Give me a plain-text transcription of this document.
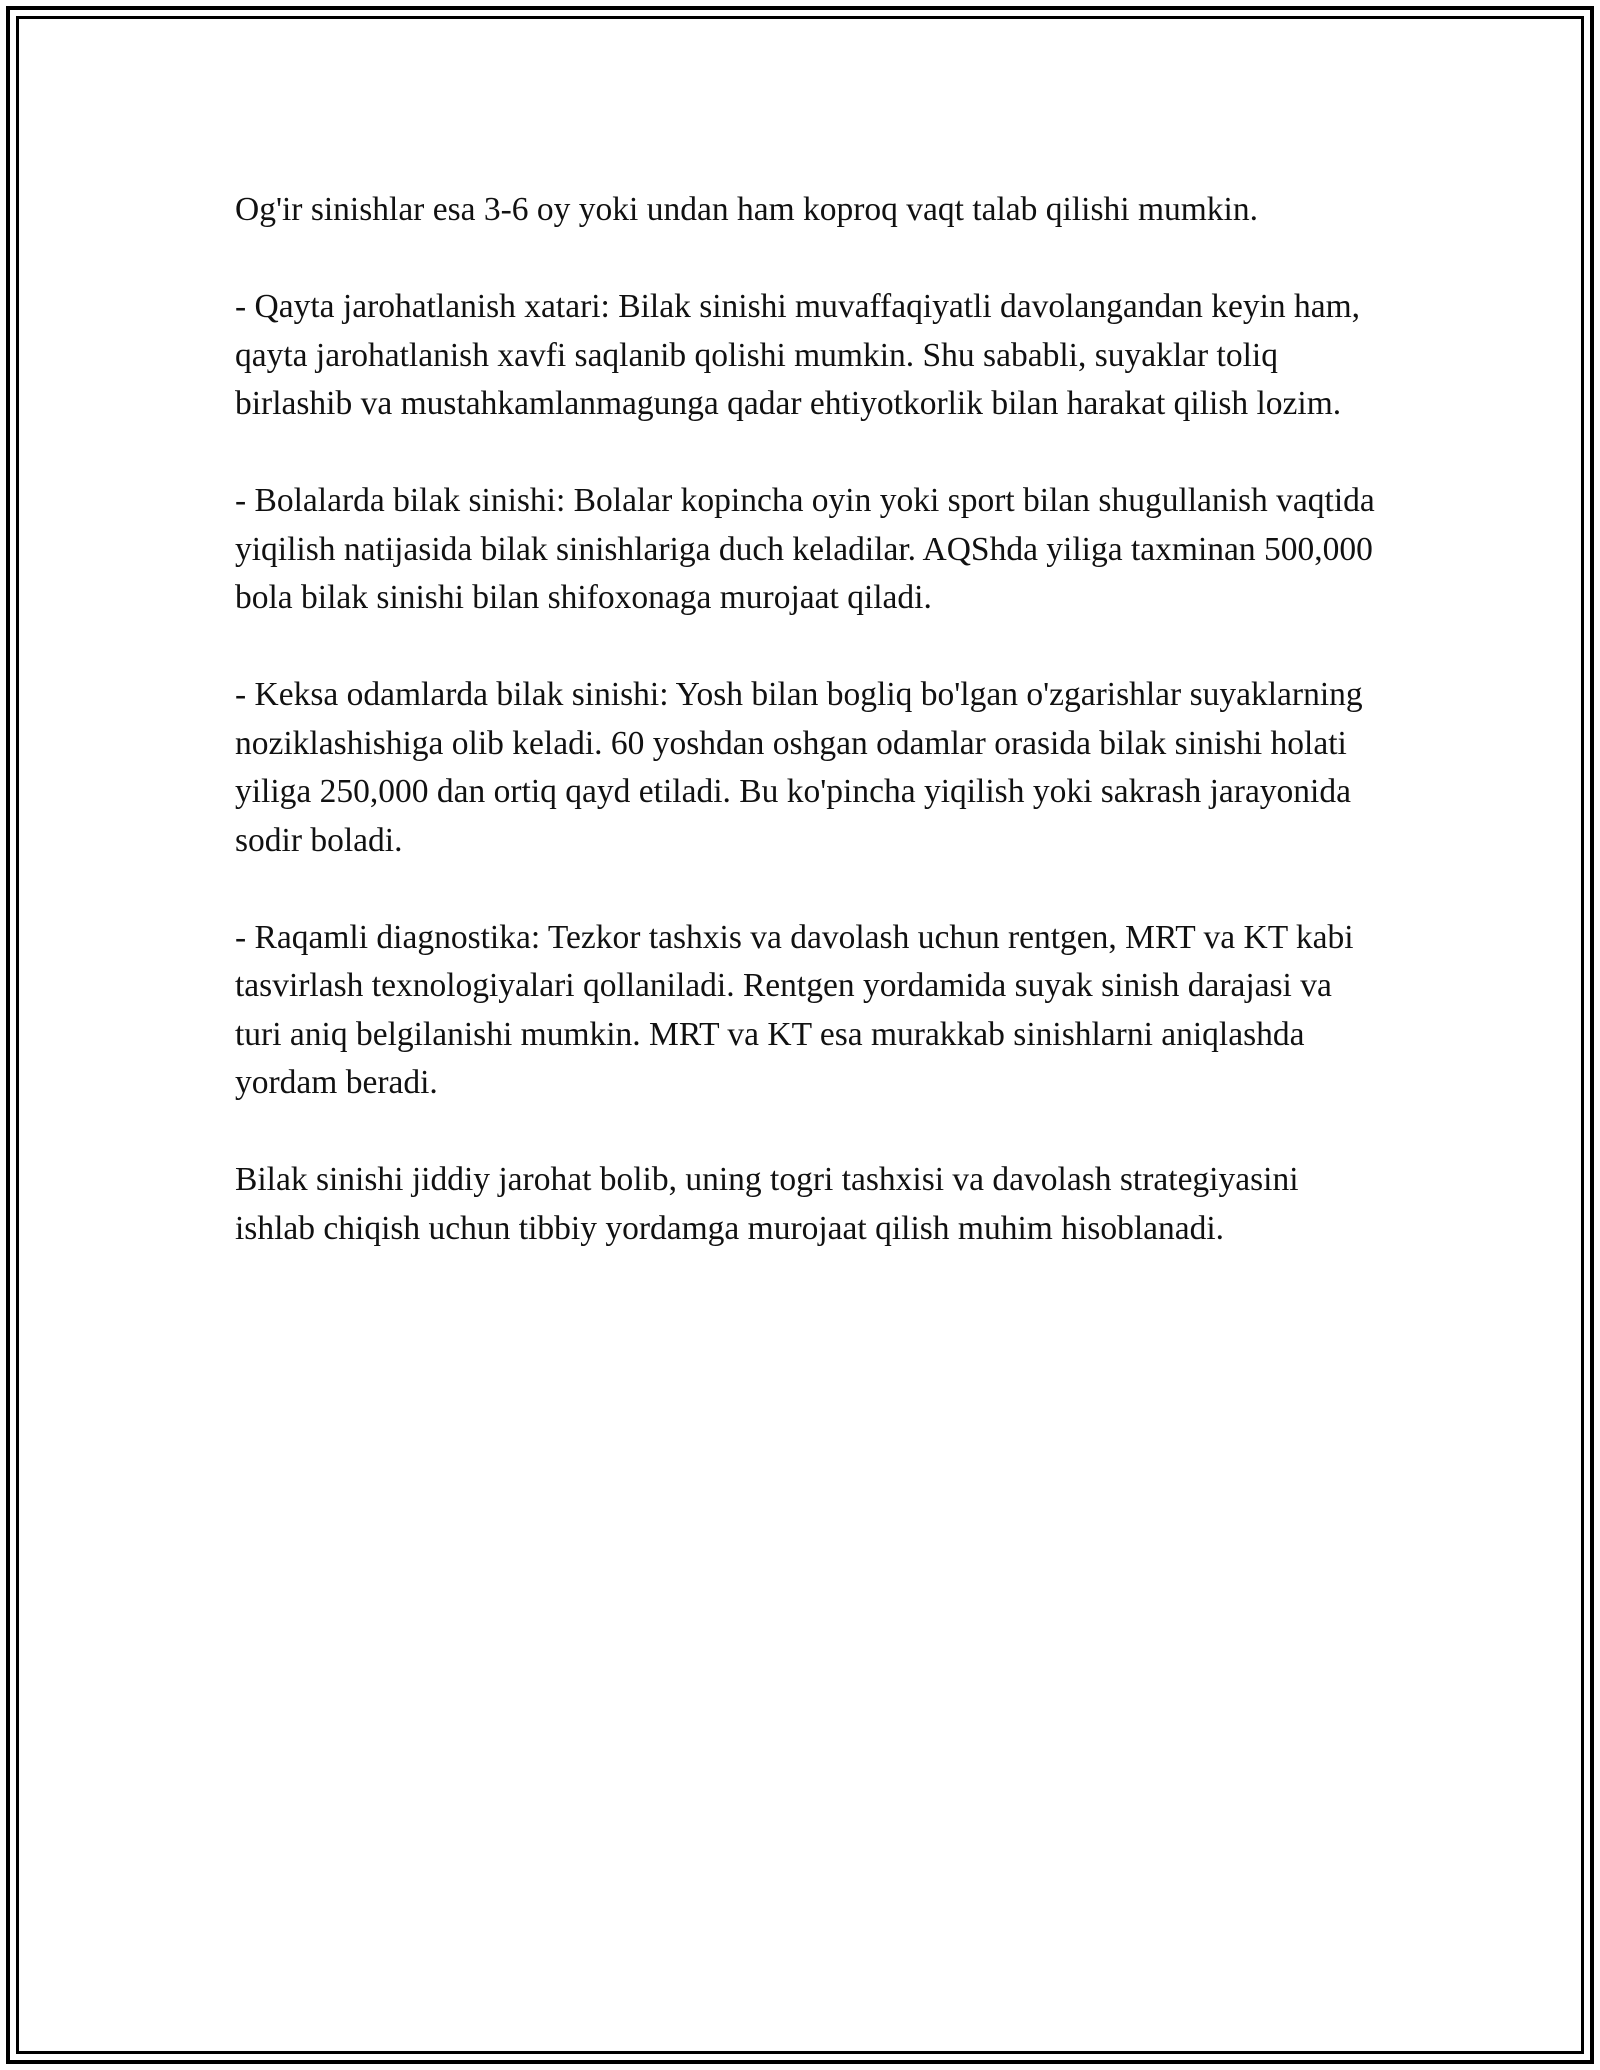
Og'ir sinishlar esa 3-6 oy yoki undan ham koproq vaqt talab qilishi mumkin.

- Qayta jarohatlanish xatari: Bilak sinishi muvaffaqiyatli davolangandan keyin ham, qayta jarohatlanish xavfi saqlanib qolishi mumkin. Shu sababli, suyaklar toliq birlashib va mustahkamlanmagunga qadar ehtiyotkorlik bilan harakat qilish lozim.

- Bolalarda bilak sinishi: Bolalar kopincha oyin yoki sport bilan shugullanish vaqtida yiqilish natijasida bilak sinishlariga duch keladilar. AQShda yiliga taxminan 500,000 bola bilak sinishi bilan shifoxonaga murojaat qiladi.

- Keksa odamlarda bilak sinishi: Yosh bilan bogliq bo'lgan o'zgarishlar suyaklarning noziklashishiga olib keladi. 60 yoshdan oshgan odamlar orasida bilak sinishi holati yiliga 250,000 dan ortiq qayd etiladi. Bu ko'pincha yiqilish yoki sakrash jarayonida sodir boladi.

- Raqamli diagnostika: Tezkor tashxis va davolash uchun rentgen, MRT va KT kabi tasvirlash texnologiyalari qollaniladi. Rentgen yordamida suyak sinish darajasi va turi aniq belgilanishi mumkin. MRT va KT esa murakkab sinishlarni aniqlashda yordam beradi.

Bilak sinishi jiddiy jarohat bolib, uning togri tashxisi va davolash strategiyasini ishlab chiqish uchun tibbiy yordamga murojaat qilish muhim hisoblanadi.
